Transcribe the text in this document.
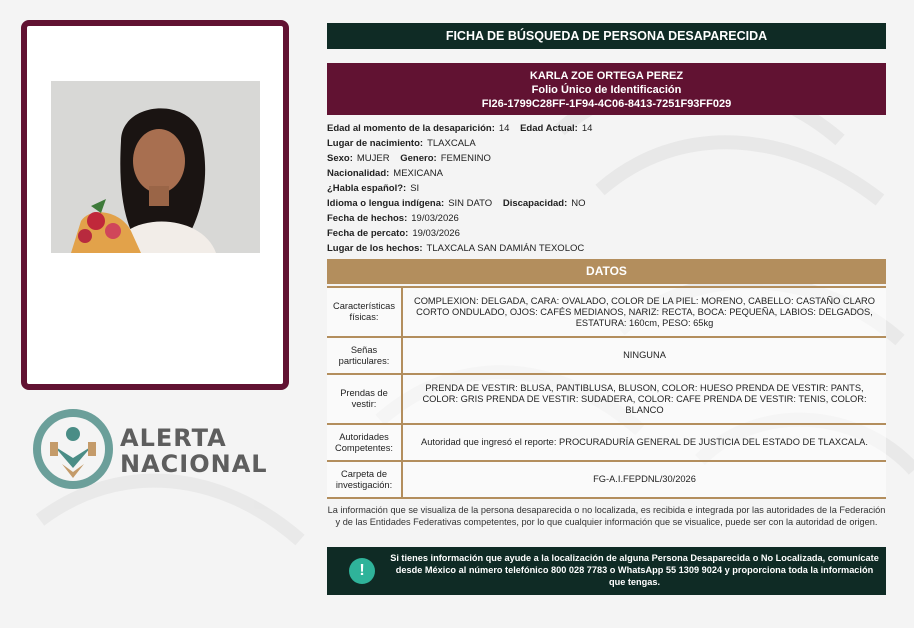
ALERTA
NACIONAL
FICHA DE BÚSQUEDA DE PERSONA DESAPARECIDA
KARLA ZOE ORTEGA PEREZ
Folio Único de Identificación
FI26-1799C28FF-1F94-4C06-8413-7251F93FF029
Edad al momento de la desaparición: 14 Edad Actual: 14
Lugar de nacimiento: TLAXCALA
Sexo: MUJER Genero: FEMENINO
Nacionalidad: MEXICANA
¿Habla español?: SI
Idioma o lengua indígena: SIN DATO Discapacidad: NO
Fecha de hechos: 19/03/2026
Fecha de percato: 19/03/2026
Lugar de los hechos: TLAXCALA SAN DAMIÁN TEXOLOC
DATOS
Características físicas:	COMPLEXION: DELGADA, CARA: OVALADO, COLOR DE LA PIEL: MORENO, CABELLO: CASTAÑO CLARO CORTO ONDULADO, OJOS: CAFÉS MEDIANOS, NARIZ: RECTA, BOCA: PEQUEÑA, LABIOS: DELGADOS, ESTATURA: 160cm, PESO: 65kg
Señas particulares:	NINGUNA
Prendas de vestir:	PRENDA DE VESTIR: BLUSA, PANTIBLUSA, BLUSON, COLOR: HUESO PRENDA DE VESTIR: PANTS, COLOR: GRIS PRENDA DE VESTIR: SUDADERA, COLOR: CAFE PRENDA DE VESTIR: TENIS, COLOR: BLANCO
Autoridades Competentes:	Autoridad que ingresó el reporte: PROCURADURÍA GENERAL DE JUSTICIA DEL ESTADO DE TLAXCALA.
Carpeta de investigación:	FG-A.I.FEPDNL/30/2026
La información que se visualiza de la persona desaparecida o no localizada, es recibida e integrada por las autoridades de la Federación y de las Entidades Federativas competentes, por lo que cualquier información que se visualice, puede ser con la autoridad de origen.
!
Si tienes información que ayude a la localización de alguna Persona Desaparecida o No Localizada, comunícate desde México al número telefónico 800 028 7783 o WhatsApp 55 1309 9024 y proporciona toda la información que tengas.
